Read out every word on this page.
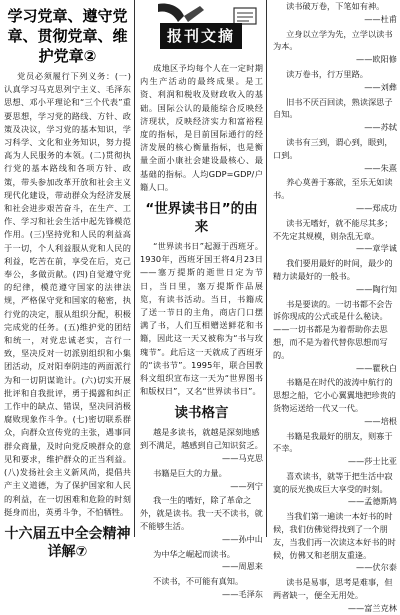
学习党章、遵守党章、贯彻党章、维护党章②

党员必须履行下列义务：(一)认真学习马克思列宁主义、毛泽东思想、邓小平理论和“三个代表”重要思想，学习党的路线、方针、政策及决议，学习党的基本知识，学习科学、文化和业务知识，努力提高为人民服务的本领。(二)贯彻执行党的基本路线和各项方针、政策，带头参加改革开放和社会主义现代化建设，带动群众为经济发展和社会进步艰苦奋斗，在生产、工作、学习和社会生活中起先锋模范作用。(三)坚持党和人民的利益高于一切，个人利益服从党和人民的利益，吃苦在前，享受在后，克己奉公，多做贡献。(四)自觉遵守党的纪律，模范遵守国家的法律法规，严格保守党和国家的秘密，执行党的决定，服从组织分配，积极完成党的任务。(五)维护党的团结和统一，对党忠诚老实，言行一致，坚决反对一切派别组织和小集团活动，反对阳奉阴违的两面派行为和一切阴谋诡计。(六)切实开展批评和自我批评，勇于揭露和纠正工作中的缺点、错误，坚决同消极腐败现象作斗争。(七)密切联系群众，向群众宣传党的主张，遇事同群众商量，及时向党反映群众的意见和要求，维护群众的正当利益。(八)发扬社会主义新风尚，提倡共产主义道德，为了保护国家和人民的利益，在一切困难和危险的时刻挺身而出，英勇斗争，不怕牺牲。

十六届五中全会精神详解⑦
报刊文摘

成地区予均每个人在一定时期内生产活动的最终成果。是工资、利润和税收及财政收入的基础。国际公认的最能综合反映经济现状，反映经济实力和富裕程度的指标，是目前国际通行的经济发展的核心衡量指标，也是衡量全面小康社会建设最核心、最基础的指标。人均GDP=GDP/户籍人口。

“世界读书日”的由来

“世界读书日”起源于西班牙。1930年，西班牙国王将4月23日——塞万提斯的逝世日定为节日，当日里，塞万提斯作品展览，有读书活动。当日，书籍成了送一节日的主角，商店门口摆满了书，人们互相赠送鲜花和书籍，因此这一天又被称为“书与玫瑰节”。此后这一天就成了西班牙的“读书节”。1995年，联合国教科文组织宣布这一天为“世界图书和版权日”，又名“世界读书日”。

读书格言

越是多读书，就越是深刻地感到不满足，越感到自己知识贫乏。

——马克思

书籍是巨大的力量。

——列宁

我一生的嗜好，除了革命之外，就是读书。我一天不读书，就不能够生活。

——孙中山

为中华之崛起而读书。

——周恩来

不读书，不可能有真知。

——毛泽东

读书破万卷，下笔如有神。

——杜甫

立身以立学为先，立学以读书为本。

——欧阳修

读万卷书，行万里路。

——刘彝

旧书不厌百回读，熟读深思子自知。

——苏轼

读书有三到，谓心到，眼到，口到。

——朱熹

养心莫善于寡欲，至乐无如读书。

——郑成功

读书无嗜好，就不能尽其多；不先定其规模，则杂乱无章。

——章学诚

我们要用最好的时间，最少的精力读最好的一般书。

——陶行知

书是要读的。一切书都不会告诉你现成的公式或是什么秘诀。——一切书都是为着帮助你去思想，而不是为着代替你思想而写的。

——瞿秋白

书籍是在时代的波涛中航行的思想之船，它小心翼翼地把珍贵的货物运送给一代又一代。

——培根

书籍是我最好的朋友，则寡于不幸。

——莎士比亚

喜欢读书，就等于把生活中寂寞的辰光换成巨大享受的时刻。

——孟德斯鸠

当我们第一遍读一本好书的时候，我们仿佛觉得找到了一个朋友，当我们再一次读这本好书的时候，仿佛又和老朋友重逢。

——伏尔泰

读书是易事，思考是难事，但两者缺一，便全无用处。

——富兰克林
